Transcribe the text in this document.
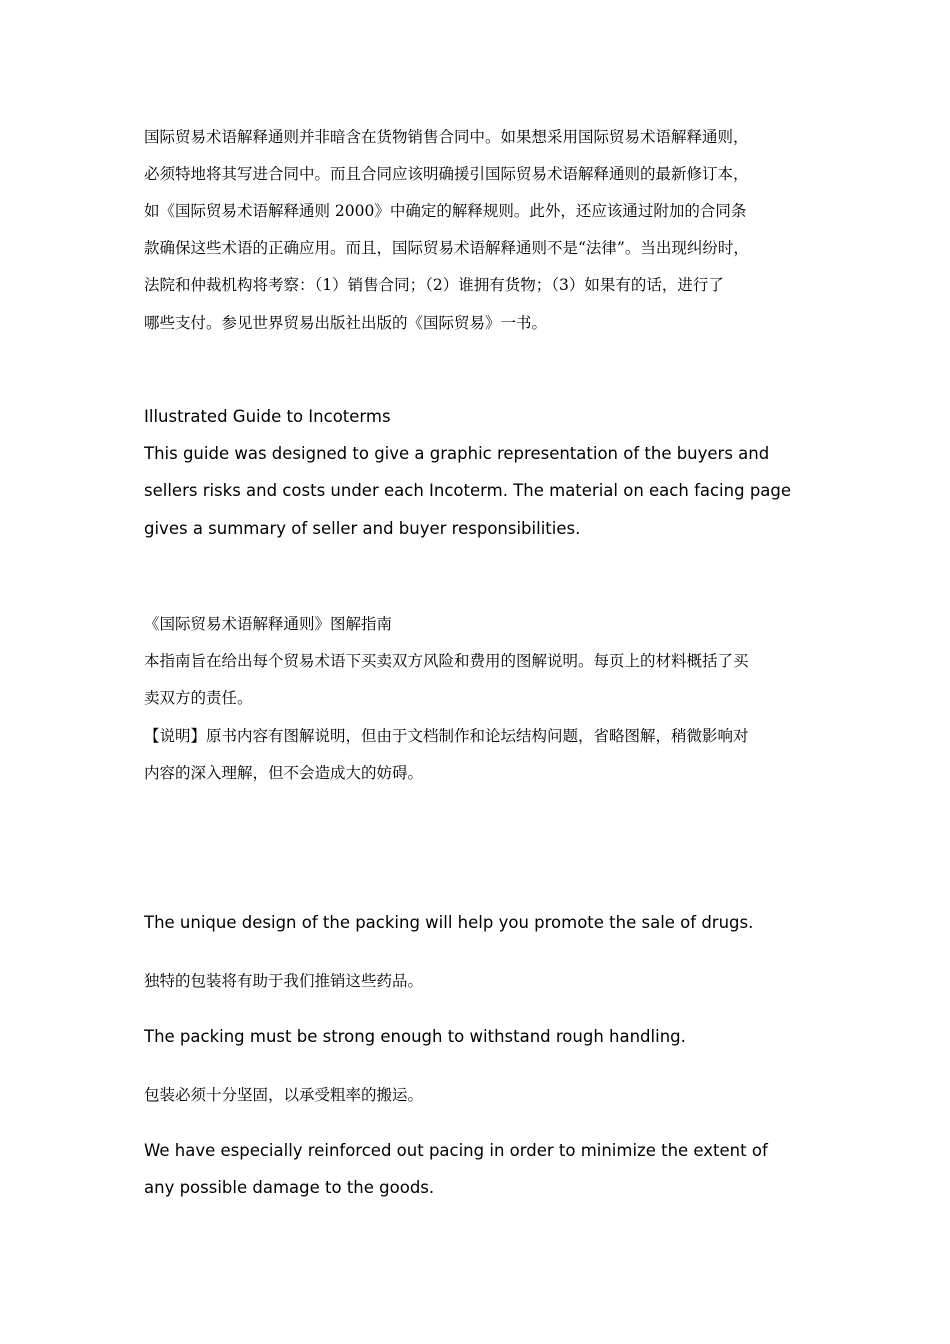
国际贸易术语解释通则并非暗含在货物销售合同中。如果想采用国际贸易术语解释通则，
必须特地将其写进合同中。而且合同应该明确援引国际贸易术语解释通则的最新修订本，
如《国际贸易术语解释通则 2000》中确定的解释规则。此外，还应该通过附加的合同条
款确保这些术语的正确应用。而且，国际贸易术语解释通则不是“法律”。当出现纠纷时，
法院和仲裁机构将考察：（1）销售合同；（2）谁拥有货物；（3）如果有的话，进行了
哪些支付。参见世界贸易出版社出版的《国际贸易》一书。
Illustrated Guide to Incoterms
This guide was designed to give a graphic representation of the buyers and
sellers risks and costs under each Incoterm. The material on each facing page
gives a summary of seller and buyer responsibilities.
《国际贸易术语解释通则》图解指南
本指南旨在给出每个贸易术语下买卖双方风险和费用的图解说明。每页上的材料概括了买
卖双方的责任。
【说明】原书内容有图解说明，但由于文档制作和论坛结构问题，省略图解，稍微影响对
内容的深入理解，但不会造成大的妨碍。
The unique design of the packing will help you promote the sale of drugs.
独特的包装将有助于我们推销这些药品。
The packing must be strong enough to withstand rough handling.
包装必须十分坚固，以承受粗率的搬运。
We have especially reinforced out pacing in order to minimize the extent of
any possible damage to the goods.
